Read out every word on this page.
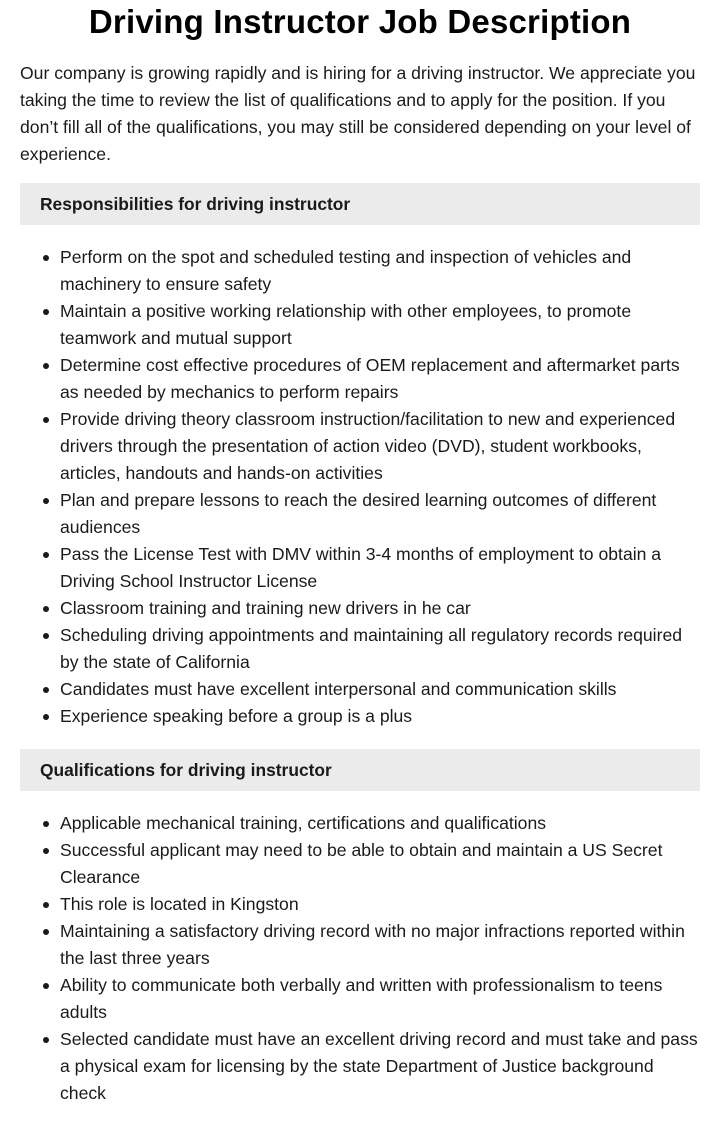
Driving Instructor Job Description

Our company is growing rapidly and is hiring for a driving instructor. We appreciate you taking the time to review the list of qualifications and to apply for the position. If you don’t fill all of the qualifications, you may still be considered depending on your level of experience.

Responsibilities for driving instructor
Perform on the spot and scheduled testing and inspection of vehicles and machinery to ensure safety
Maintain a positive working relationship with other employees, to promote teamwork and mutual support
Determine cost effective procedures of OEM replacement and aftermarket parts as needed by mechanics to perform repairs
Provide driving theory classroom instruction/facilitation to new and experienced drivers through the presentation of action video (DVD), student workbooks, articles, handouts and hands-on activities
Plan and prepare lessons to reach the desired learning outcomes of different audiences
Pass the License Test with DMV within 3-4 months of employment to obtain a Driving School Instructor License
Classroom training and training new drivers in he car
Scheduling driving appointments and maintaining all regulatory records required by the state of California
Candidates must have excellent interpersonal and communication skills
Experience speaking before a group is a plus
Qualifications for driving instructor
Applicable mechanical training, certifications and qualifications
Successful applicant may need to be able to obtain and maintain a US Secret Clearance
This role is located in Kingston
Maintaining a satisfactory driving record with no major infractions reported within the last three years
Ability to communicate both verbally and written with professionalism to teens adults
Selected candidate must have an excellent driving record and must take and pass a physical exam for licensing by the state Department of Justice background check
